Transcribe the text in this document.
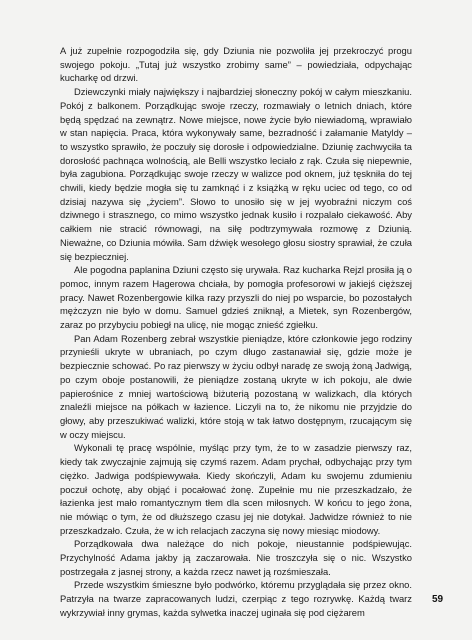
A już zupełnie rozpogodziła się, gdy Dziunia nie pozwoliła jej przekroczyć progu swojego pokoju. „Tutaj już wszystko zrobimy same” – powiedziała, odpychając kucharkę od drzwi.

Dziewczynki miały największy i najbardziej słoneczny pokój w całym mieszkaniu. Pokój z balkonem. Porządkując swoje rzeczy, rozmawiały o letnich dniach, które będą spędzać na zewnątrz. Nowe miejsce, nowe życie było niewiadomą, wprawiało w stan napięcia. Praca, która wykonywały same, bezradność i załamanie Matyldy – to wszystko sprawiło, że poczuły się dorosłe i odpowiedzialne. Dziunię zachwyciła ta dorosłość pachnąca wolnością, ale Belli wszystko leciało z rąk. Czuła się niepewnie, była zagubiona. Porządkując swoje rzeczy w walizce pod oknem, już tęskniła do tej chwili, kiedy będzie mogła się tu zamknąć i z książką w ręku uciec od tego, co od dzisiaj nazywa się „życiem”. Słowo to unosiło się w jej wyobraźni niczym coś dziwnego i strasznego, co mimo wszystko jednak kusiło i rozpalało ciekawość. Aby całkiem nie stracić równowagi, na siłę podtrzymywała rozmowę z Dziunią. Nieważne, co Dziunia mówiła. Sam dźwięk wesołego głosu siostry sprawiał, że czuła się bezpieczniej.

Ale pogodna paplanina Dziuni często się urywała. Raz kucharka Rejzl prosiła ją o pomoc, innym razem Hagerowa chciała, by pomogła profesorowi w jakiejś cięższej pracy. Nawet Rozenbergowie kilka razy przyszli do niej po wsparcie, bo pozostałych mężczyzn nie było w domu. Samuel gdzieś zniknął, a Mietek, syn Rozenbergów, zaraz po przybyciu pobiegł na ulicę, nie mogąc znieść zgiełku.

Pan Adam Rozenberg zebrał wszystkie pieniądze, które członkowie jego rodziny przynieśli ukryte w ubraniach, po czym długo zastanawiał się, gdzie może je bezpiecznie schować. Po raz pierwszy w życiu odbył naradę ze swoją żoną Jadwigą, po czym oboje postanowili, że pieniądze zostaną ukryte w ich pokoju, ale dwie papierośnice z mniej wartościową biżuterią pozostaną w walizkach, dla których znaleźli miejsce na półkach w łazience. Liczyli na to, że nikomu nie przyjdzie do głowy, aby przeszukiwać walizki, które stoją w tak łatwo dostępnym, rzucającym się w oczy miejscu.

Wykonali tę pracę wspólnie, myśląc przy tym, że to w zasadzie pierwszy raz, kiedy tak zwyczajnie zajmują się czymś razem. Adam prychał, odbychając przy tym ciężko. Jadwiga podśpiewywała. Kiedy skończyli, Adam ku swojemu zdumieniu poczuł ochotę, aby objąć i pocałować żonę. Zupełnie mu nie przeszkadzało, że łazienka jest mało romantycznym tłem dla scen miłosnych. W końcu to jego żona, nie mówiąc o tym, że od dłuższego czasu jej nie dotykał. Jadwidze również to nie przeszkadzało. Czuła, że w ich relacjach zaczyna się nowy miesiąc miodowy.

Porządkowała dwa należące do nich pokoje, nieustannie podśpiewując. Przychylność Adama jakby ją zaczarowała. Nie troszczyła się o nic. Wszystko postrzegała z jasnej strony, a każda rzecz nawet ją rozśmieszała.

Przede wszystkim śmieszne było podwórko, któremu przyglądała się przez okno. Patrzyła na twarze zapracowanych ludzi, czerpiąc z tego rozrywkę. Każdą twarz wykrzywiał inny grymas, każda sylwetka inaczej uginała się pod ciężarem

59
